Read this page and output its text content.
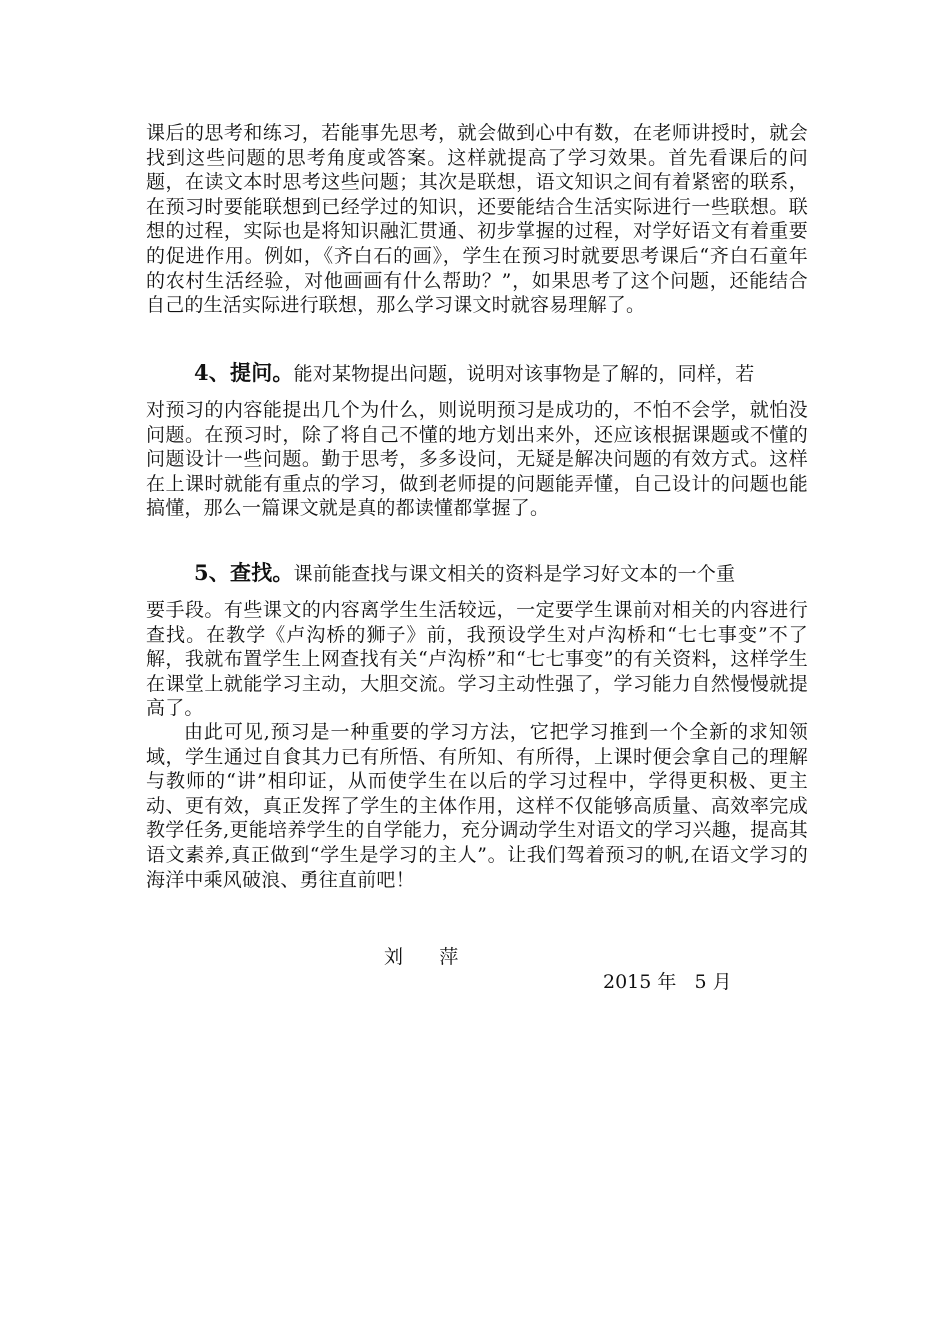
课后的思考和练习，若能事先思考，就会做到心中有数，在老师讲授时，就会找到这些问题的思考角度或答案。这样就提高了学习效果。首先看课后的问题，在读文本时思考这些问题；其次是联想，语文知识之间有着紧密的联系，在预习时要能联想到已经学过的知识，还要能结合生活实际进行一些联想。联想的过程，实际也是将知识融汇贯通、初步掌握的过程，对学好语文有着重要的促进作用。例如，《齐白石的画》，学生在预习时就要思考课后“齐白石童年的农村生活经验，对他画画有什么帮助？”，如果思考了这个问题，还能结合自己的生活实际进行联想，那么学习课文时就容易理解了。

4、提问。能对某物提出问题，说明对该事物是了解的，同样，若

对预习的内容能提出几个为什么，则说明预习是成功的，不怕不会学，就怕没问题。在预习时，除了将自己不懂的地方划出来外，还应该根据课题或不懂的问题设计一些问题。勤于思考，多多设问，无疑是解决问题的有效方式。这样在上课时就能有重点的学习，做到老师提的问题能弄懂，自己设计的问题也能搞懂，那么一篇课文就是真的都读懂都掌握了。

5、查找。课前能查找与课文相关的资料是学习好文本的一个重

要手段。有些课文的内容离学生生活较远，一定要学生课前对相关的内容进行查找。在教学《卢沟桥的狮子》前，我预设学生对卢沟桥和“七七事变”不了解，我就布置学生上网查找有关“卢沟桥”和“七七事变”的有关资料，这样学生在课堂上就能学习主动，大胆交流。学习主动性强了，学习能力自然慢慢就提高了。

由此可见,预习是一种重要的学习方法，它把学习推到一个全新的求知领域，学生通过自食其力已有所悟、有所知、有所得，上课时便会拿自己的理解与教师的“讲”相印证，从而使学生在以后的学习过程中，学得更积极、更主动、更有效，真正发挥了学生的主体作用，这样不仅能够高质量、高效率完成教学任务,更能培养学生的自学能力，充分调动学生对语文的学习兴趣，提高其语文素养,真正做到“学生是学习的主人”。让我们驾着预习的帆,在语文学习的海洋中乘风破浪、勇往直前吧！

刘      萍
2015 年   5 月
